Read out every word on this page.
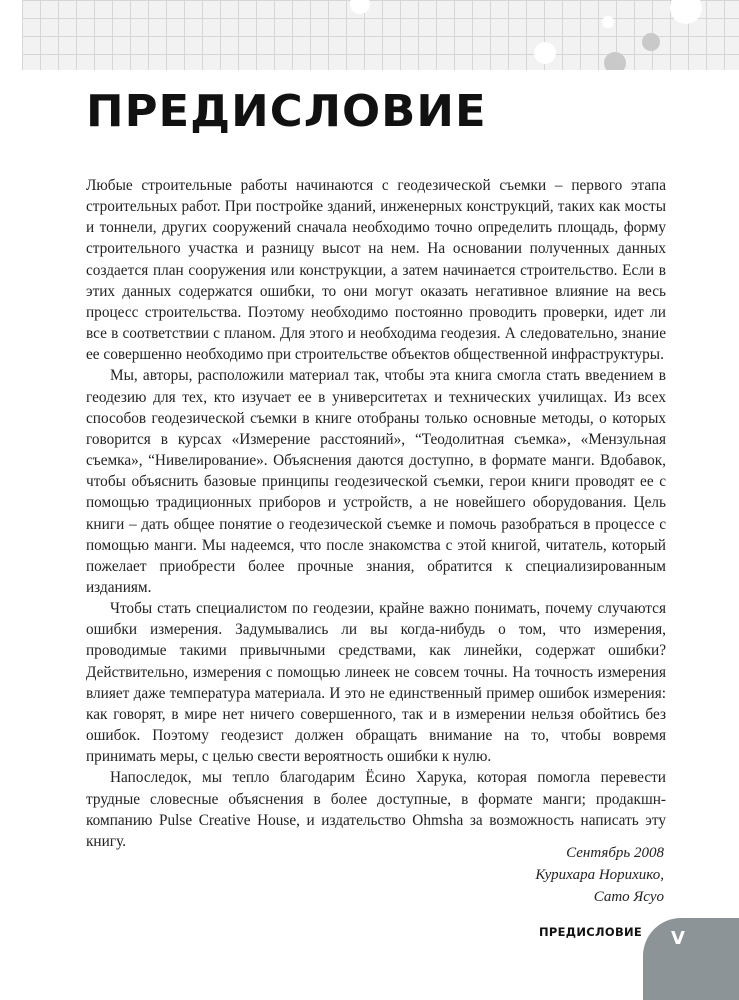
ПРЕДИСЛОВИЕ

Любые строительные работы начинаются с геодезической съемки – первого этапа строительных работ. При постройке зданий, инженерных конструкций, таких как мосты и тоннели, других сооружений сначала необходимо точно определить площадь, форму строительного участка и разницу высот на нем. На основании полученных данных создается план сооружения или конструкции, а затем начинается строительство. Если в этих данных содержатся ошибки, то они могут оказать негативное влияние на весь процесс строительства. Поэтому необходимо постоянно проводить проверки, идет ли все в соответствии с планом. Для этого и необходима геодезия. А следовательно, знание ее совершенно необходимо при строительстве объектов общественной инфраструктуры.

Мы, авторы, расположили материал так, чтобы эта книга смогла стать введением в геодезию для тех, кто изучает ее в университетах и технических училищах. Из всех способов геодезической съемки в книге отобраны только основные методы, о которых говорится в курсах «Измерение расстояний», “Теодолитная съемка», «Мензульная съемка», “Нивелирование». Объяснения даются доступно, в формате манги. Вдобавок, чтобы объяснить базовые принципы геодезической съемки, герои книги проводят ее с помощью традиционных приборов и устройств, а не новейшего оборудования. Цель книги – дать общее понятие о геодезической съемке и помочь разобраться в процессе с помощью манги. Мы надеемся, что после знакомства с этой книгой, читатель, который пожелает приобрести более прочные знания, обратится к специализированным изданиям.

Чтобы стать специалистом по геодезии, крайне важно понимать, почему случаются ошибки измерения. Задумывались ли вы когда-нибудь о том, что измерения, проводимые такими привычными средствами, как линейки, содержат ошибки? Действительно, измерения с помощью линеек не совсем точны. На точность измерения влияет даже температура материала. И это не единственный пример ошибок измерения: как говорят, в мире нет ничего совершенного, так и в измерении нельзя обойтись без ошибок. Поэтому геодезист должен обращать внимание на то, чтобы вовремя принимать меры, с целью свести вероятность ошибки к нулю.

Напоследок, мы тепло благодарим Ёсино Харука, которая помогла перевести трудные словесные объяснения в более доступные, в формате манги; продакшн-компанию Pulse Creative House, и издательство Ohmsha за возможность написать эту книгу.

Сентябрь 2008
Курихара Норихико,
Сато Ясуо
ПРЕДИСЛОВИЕ V
